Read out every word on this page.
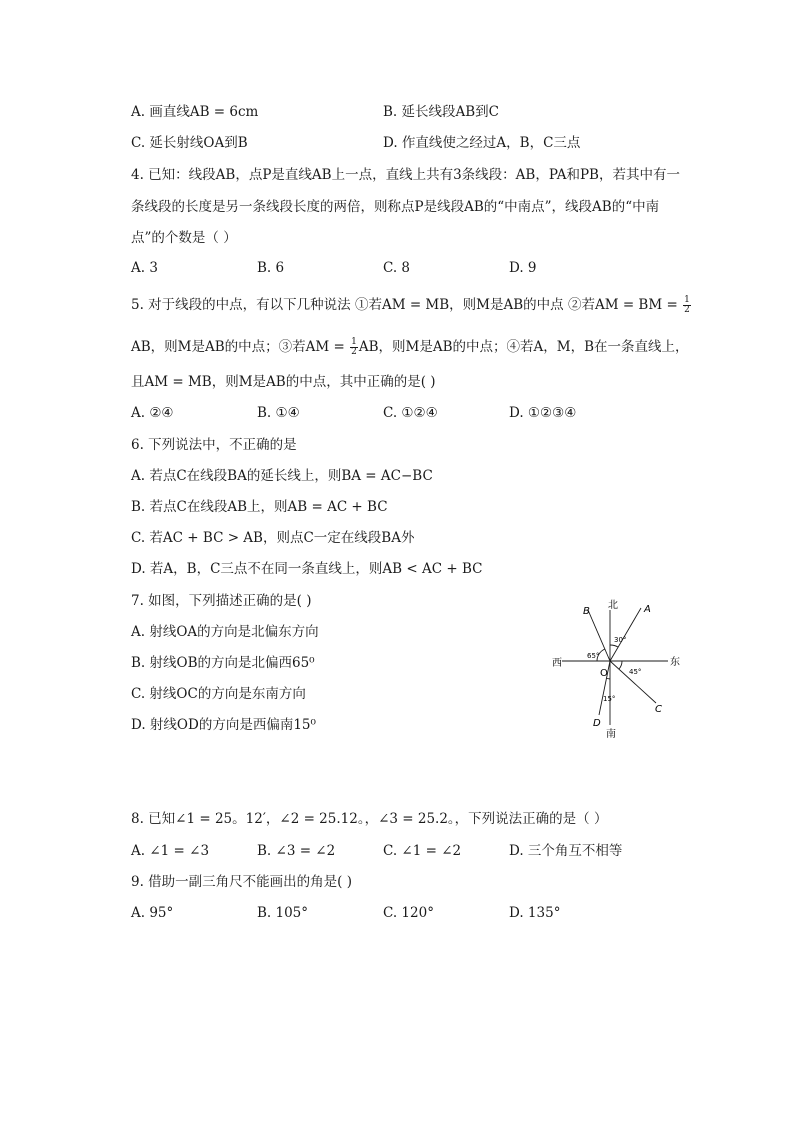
A. 画直线AB = 6cm	B. 延长线段AB到C
C. 延长射线OA到B	D. 作直线使之经过A，B，C三点
4. 已知：线段AB，点P是直线AB上一点，直线上共有3条线段：AB，PA和PB，若其中有一
条线段的长度是另一条线段长度的两倍，则称点P是线段AB的“中南点”，线段AB的“中南
点”的个数是（ ）
A. 3	B. 6	C. 8	D. 9
5. 对于线段的中点，有以下几种说法 ①若AM = MB，则M是AB的中点 ②若AM = BM = $\frac{1}{2}$
AB，则M是AB的中点；③若AM = $\frac{1}{2}$ AB，则M是AB的中点；④若A，M，B在一条直线上，
且AM = MB，则M是AB的中点，其中正确的是( )
A. ②④	B. ①④	C. ①②④	D. ①②③④
6. 下列说法中，不正确的是
A. 若点C在线段BA的延长线上，则BA = AC−BC
B. 若点C在线段AB上，则AB = AC + BC
C. 若AC + BC > AB，则点C一定在线段BA外
D. 若A，B，C三点不在同一条直线上，则AB < AC + BC
7. 如图，下列描述正确的是( )
A. 射线OA的方向是北偏东方向
B. 射线OB的方向是北偏西65⁰
C. 射线OC的方向是东南方向
D. 射线OD的方向是西偏南15⁰
北
南
东
西
O
A
B
C
D
30°
65°
45°
15°
8. 已知∠1 = 25。12′，∠2 = 25.12。，∠3 = 25.2。，下列说法正确的是（ ）
A. ∠1 = ∠3	B. ∠3 = ∠2	C. ∠1 = ∠2	D. 三个角互不相等
9. 借助一副三角尺不能画出的角是( )
A. 95°	B. 105°	C. 120°	D. 135°
